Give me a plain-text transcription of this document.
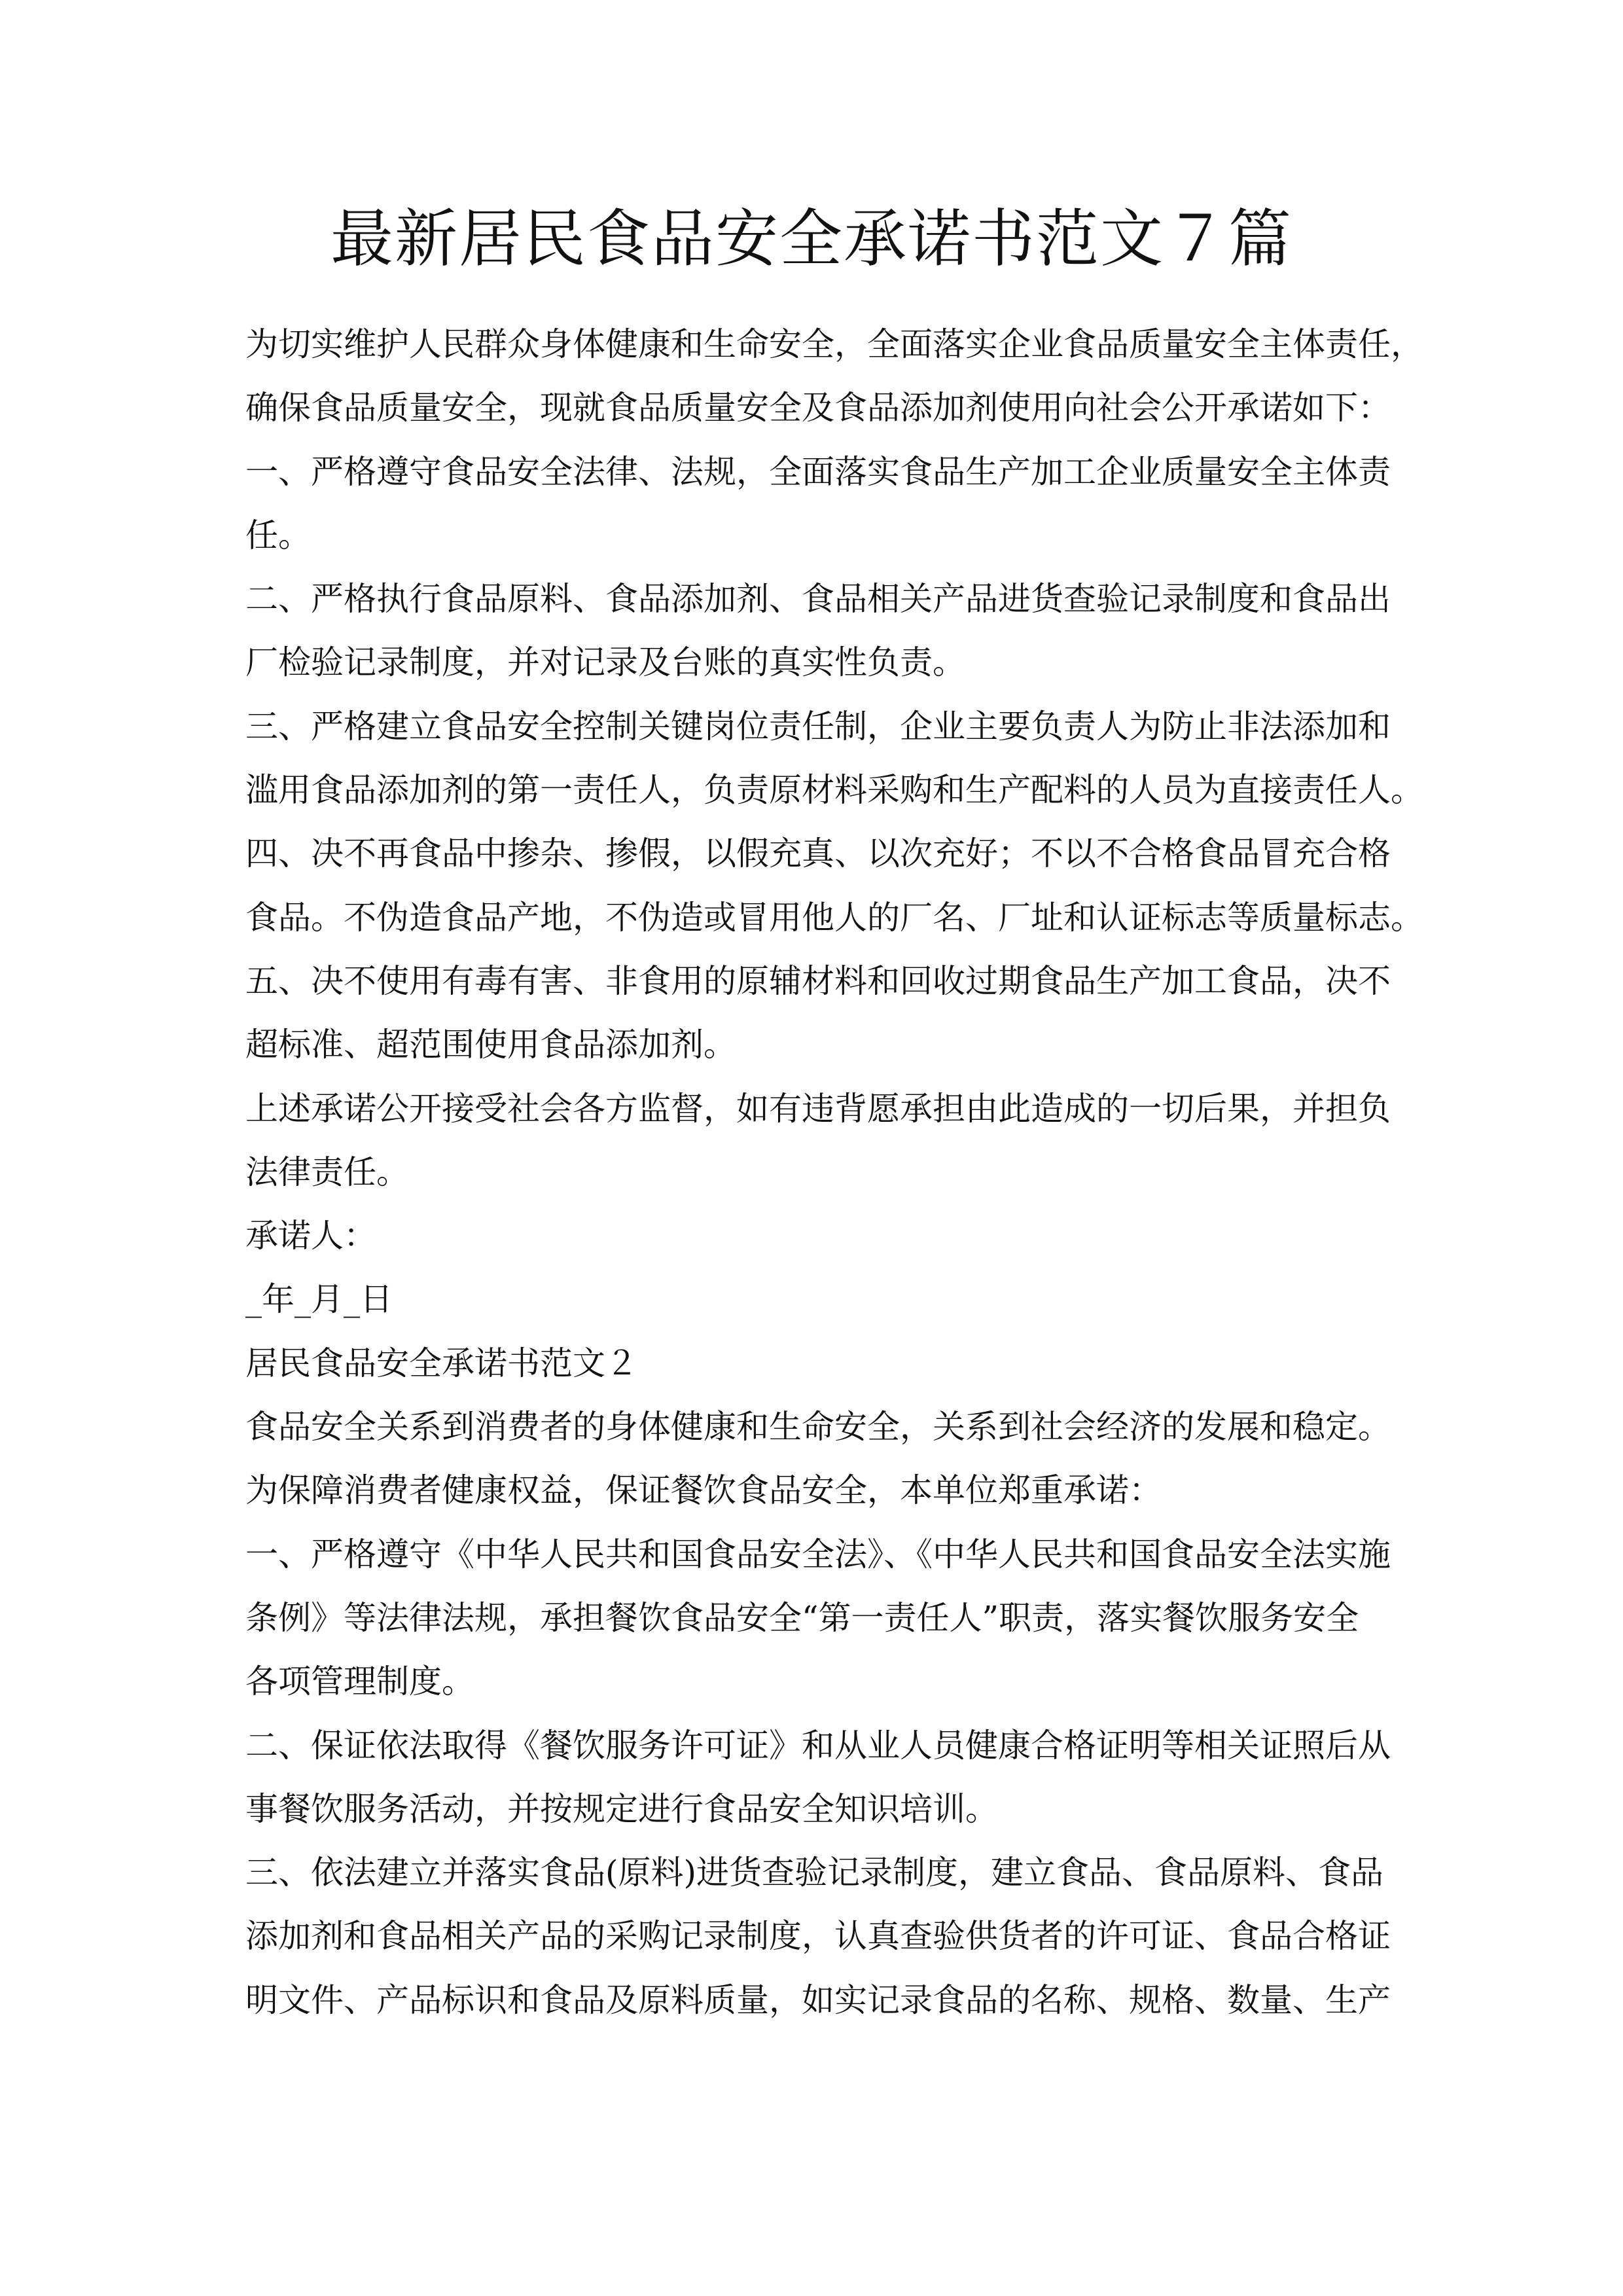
最新居民食品安全承诺书范文７篇
为切实维护人民群众身体健康和生命安全，全面落实企业食品质量安全主体责任，
确保食品质量安全，现就食品质量安全及食品添加剂使用向社会公开承诺如下：
一、严格遵守食品安全法律、法规，全面落实食品生产加工企业质量安全主体责
任。
二、严格执行食品原料、食品添加剂、食品相关产品进货查验记录制度和食品出
厂检验记录制度，并对记录及台账的真实性负责。
三、严格建立食品安全控制关键岗位责任制，企业主要负责人为防止非法添加和
滥用食品添加剂的第一责任人，负责原材料采购和生产配料的人员为直接责任人。
四、决不再食品中掺杂、掺假，以假充真、以次充好；不以不合格食品冒充合格
食品。不伪造食品产地，不伪造或冒用他人的厂名、厂址和认证标志等质量标志。
五、决不使用有毒有害、非食用的原辅材料和回收过期食品生产加工食品，决不
超标准、超范围使用食品添加剂。
上述承诺公开接受社会各方监督，如有违背愿承担由此造成的一切后果，并担负
法律责任。
承诺人：
_年_月_日
居民食品安全承诺书范文２
食品安全关系到消费者的身体健康和生命安全，关系到社会经济的发展和稳定。
为保障消费者健康权益，保证餐饮食品安全，本单位郑重承诺：
一、严格遵守《中华人民共和国食品安全法》、《中华人民共和国食品安全法实施
条例》等法律法规，承担餐饮食品安全“第一责任人”职责，落实餐饮服务安全
各项管理制度。
二、保证依法取得《餐饮服务许可证》和从业人员健康合格证明等相关证照后从
事餐饮服务活动，并按规定进行食品安全知识培训。
三、依法建立并落实食品(原料)进货查验记录制度，建立食品、食品原料、食品
添加剂和食品相关产品的采购记录制度，认真查验供货者的许可证、食品合格证
明文件、产品标识和食品及原料质量，如实记录食品的名称、规格、数量、生产
